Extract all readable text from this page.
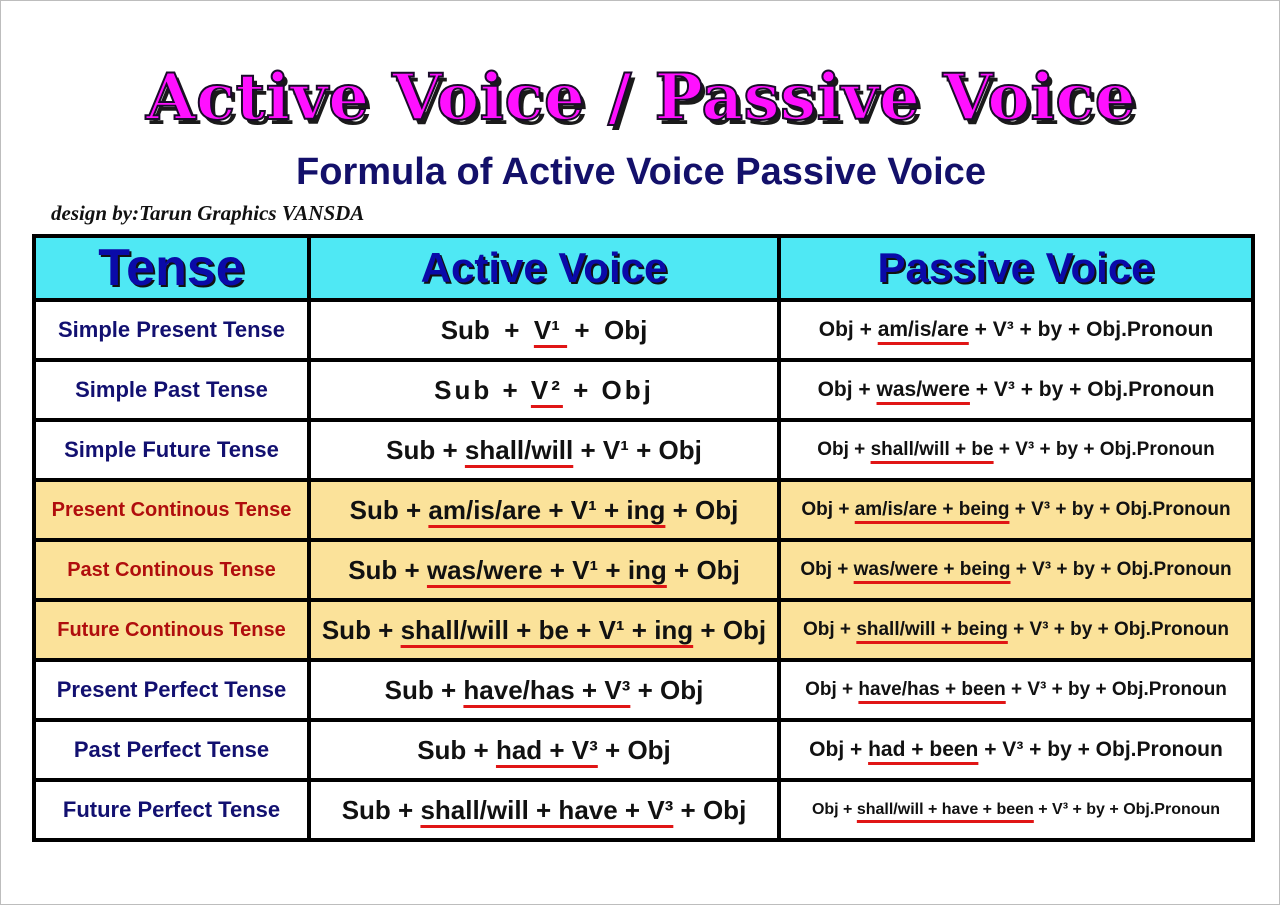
Active Voice / Passive Voice
Formula of Active Voice Passive Voice
design by:Tarun Graphics VANSDA
Tense	Active Voice	Passive Voice
Simple Present Tense	Sub  +  V¹  +  Obj	Obj + am/is/are + V³ + by + Obj.Pronoun
Simple Past Tense	Sub + V² + Obj	Obj + was/were + V³ + by + Obj.Pronoun
Simple Future Tense	Sub + shall/will + V¹ + Obj	Obj + shall/will + be + V³ + by + Obj.Pronoun
Present Continous Tense	Sub + am/is/are + V¹ + ing + Obj	Obj + am/is/are + being + V³ + by + Obj.Pronoun
Past Continous Tense	Sub + was/were + V¹ + ing + Obj	Obj + was/were + being + V³ + by + Obj.Pronoun
Future Continous Tense	Sub + shall/will + be + V¹ + ing + Obj	Obj + shall/will + being + V³ + by + Obj.Pronoun
Present Perfect Tense	Sub + have/has + V³ + Obj	Obj + have/has + been + V³ + by + Obj.Pronoun
Past Perfect Tense	Sub + had + V³ + Obj	Obj + had + been + V³ + by + Obj.Pronoun
Future Perfect Tense	Sub + shall/will + have + V³ + Obj	Obj + shall/will + have + been + V³ + by + Obj.Pronoun
